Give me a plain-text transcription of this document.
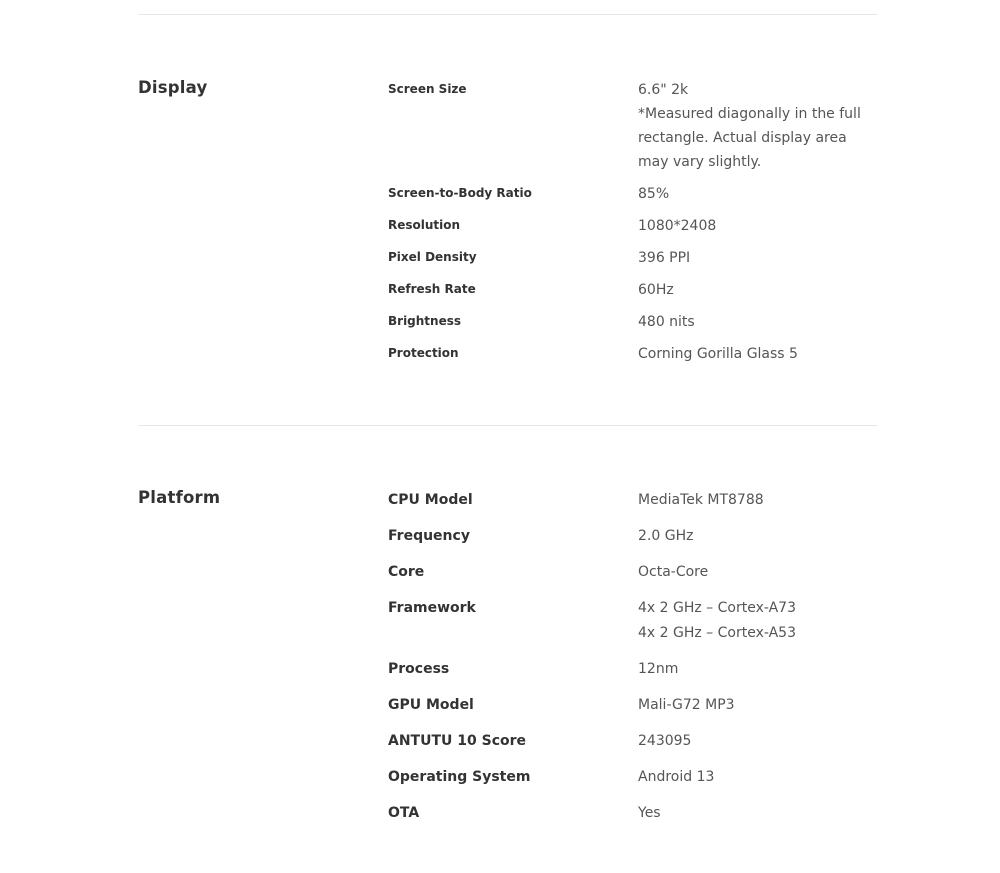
Display	Screen Size	6.6" 2k
*Measured diagonally in the full
rectangle. Actual display area
may vary slightly.
Screen-to-Body Ratio	85%
Resolution	1080*2408
Pixel Density	396 PPI
Refresh Rate	60Hz
Brightness	480 nits
Protection	Corning Gorilla Glass 5
Platform	CPU Model	MediaTek MT8788
Frequency	2.0 GHz
Core	Octa-Core
Framework	4x 2 GHz – Cortex-A73
4x 2 GHz – Cortex-A53
Process	12nm
GPU Model	Mali-G72 MP3
ANTUTU 10 Score	243095
Operating System	Android 13
OTA	Yes
